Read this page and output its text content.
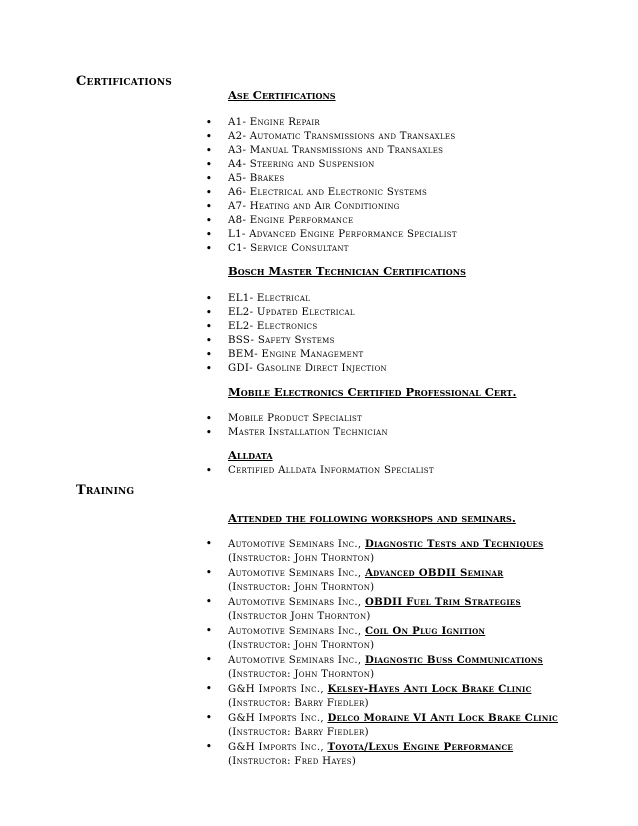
Certifications
Ase Certifications
• A1- Engine Repair
• A2- Automatic Transmissions and Transaxles
• A3- Manual Transmissions and Transaxles
• A4- Steering and Suspension
• A5- Brakes
• A6- Electrical and Electronic Systems
• A7- Heating and Air Conditioning
• A8- Engine Performance
• L1- Advanced Engine Performance Specialist
• C1- Service Consultant
Bosch Master Technician Certifications
• EL1- Electrical
• EL2- Updated Electrical
• EL2- Electronics
• BSS- Safety Systems
• BEM- Engine Management
• GDI- Gasoline Direct Injection
Mobile Electronics Certified Professional Cert.
• Mobile Product Specialist
• Master Installation Technician
Alldata
• Certified Alldata Information Specialist
Training
Attended the following workshops and seminars.
• Automotive Seminars Inc., Diagnostic Tests and Techniques (Instructor: John Thornton)
• Automotive Seminars Inc., Advanced OBDII Seminar
(Instructor: John Thornton)
• Automotive Seminars Inc., OBDII Fuel Trim Strategies
(Instructor John Thornton)
• Automotive Seminars Inc., Coil On Plug Ignition
(Instructor: John Thornton)
• Automotive Seminars Inc., Diagnostic Buss Communications (Instructor: John Thornton)
• G&H Imports Inc., Kelsey-Hayes Anti Lock Brake Clinic
(Instructor: Barry Fiedler)
• G&H Imports Inc., Delco Moraine VI Anti Lock Brake Clinic (Instructor: Barry Fiedler)
• G&H Imports Inc., Toyota/Lexus Engine Performance
(Instructor: Fred Hayes)
